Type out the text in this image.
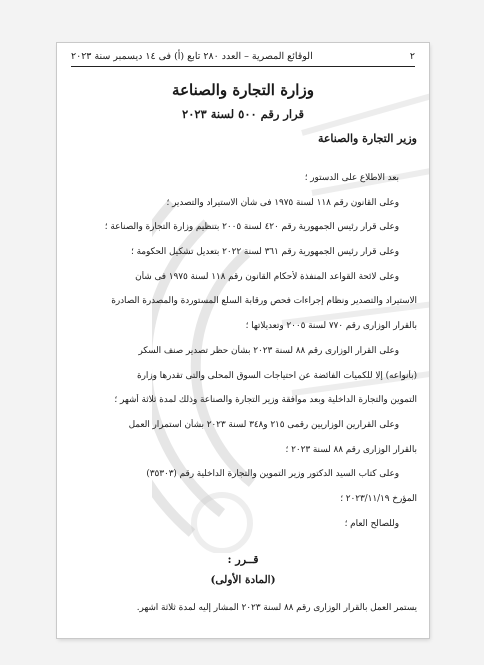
٢
الوقائع المصرية – العدد ٢٨٠ تابع (أ) فى ١٤ ديسمبر سنة ٢٠٢٣
وزارة التجارة والصناعة
قرار رقم ٥٠٠ لسنة ٢٠٢٣
وزير التجارة والصناعة
بعد الاطلاع على الدستور ؛
وعلى القانون رقم ١١٨ لسنة ١٩٧٥ فى شأن الاستيراد والتصدير ؛
وعلى قرار رئيس الجمهورية رقم ٤٢٠ لسنة ٢٠٠٥ بتنظيم وزارة التجارة والصناعة ؛
وعلى قرار رئيس الجمهورية رقم ٣٦١ لسنة ٢٠٢٢ بتعديل تشكيل الحكومة ؛
وعلى لائحة القواعد المنفذة لأحكام القانون رقم ١١٨ لسنة ١٩٧٥ فى شأن
الاستيراد والتصدير ونظام إجراءات فحص ورقابة السلع المستوردة والمصدرة الصادرة
بالقرار الوزارى رقم ٧٧٠ لسنة ٢٠٠٥ وتعديلاتها ؛
وعلى القرار الوزارى رقم ٨٨ لسنة ٢٠٢٣ بشأن حظر تصدير صنف السكر
(بأنواعه) إلا للكميات الفائضة عن احتياجات السوق المحلى والتى تقدرها وزارة
التموين والتجارة الداخلية وبعد موافقة وزير التجارة والصناعة وذلك لمدة ثلاثة أشهر ؛
وعلى القرارين الوزاريين رقمى ٢١٥ و٣٤٨ لسنة ٢٠٢٣ بشأن استمرار العمل
بالقرار الوزارى رقم ٨٨ لسنة ٢٠٢٣ ؛
وعلى كتاب السيد الدكتور وزير التموين والتجارة الداخلية رقم (٣٥٣٠٣)
المؤرخ ٢٠٢٣/١١/١٩ ؛
وللصالح العام ؛
قــرر :
(المادة الأولى)
يستمر العمل بالقرار الوزارى رقم ٨٨ لسنة ٢٠٢٣ المشار إليه لمدة ثلاثة أشهر.
